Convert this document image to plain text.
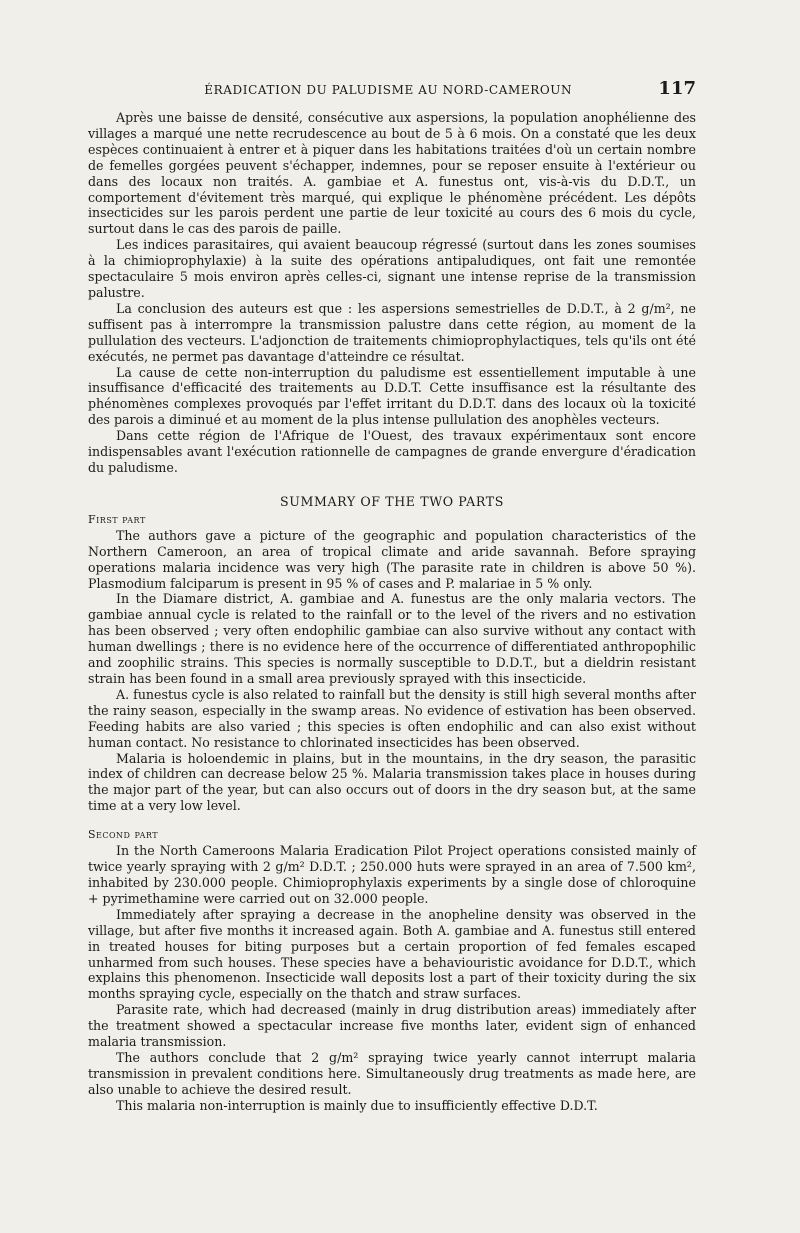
ÉRADICATION DU PALUDISME AU NORD-CAMEROUN	117

Après une baisse de densité, consécutive aux aspersions, la population anophélienne des villages a marqué une nette recrudescence au bout de 5 à 6 mois. On a constaté que les deux espèces continuaient à entrer et à piquer dans les habitations traitées d'où un certain nombre de femelles gorgées peuvent s'échapper, indemnes, pour se reposer ensuite à l'extérieur ou dans des locaux non traités. A. gambiae et A. funestus ont, vis-à-vis du D.D.T., un comportement d'évitement très marqué, qui explique le phénomène précédent. Les dépôts insecticides sur les parois perdent une partie de leur toxicité au cours des 6 mois du cycle, surtout dans le cas des parois de paille.

Les indices parasitaires, qui avaient beaucoup régressé (surtout dans les zones soumises à la chimioprophylaxie) à la suite des opérations antipaludiques, ont fait une remontée spectaculaire 5 mois environ après celles-ci, signant une intense reprise de la transmission palustre.

La conclusion des auteurs est que : les aspersions semestrielles de D.D.T., à 2 g/m², ne suffisent pas à interrompre la transmission palustre dans cette région, au moment de la pullulation des vecteurs. L'adjonction de traitements chimioprophylactiques, tels qu'ils ont été exécutés, ne permet pas davantage d'atteindre ce résultat.

La cause de cette non-interruption du paludisme est essentiellement imputable à une insuffisance d'efficacité des traitements au D.D.T. Cette insuffisance est la résultante des phénomènes complexes provoqués par l'effet irritant du D.D.T. dans des locaux où la toxicité des parois a diminué et au moment de la plus intense pullulation des anophèles vecteurs.

Dans cette région de l'Afrique de l'Ouest, des travaux expérimentaux sont encore indispensables avant l'exécution rationnelle de campagnes de grande envergure d'éradication du paludisme.

SUMMARY OF THE TWO PARTS
First part

The authors gave a picture of the geographic and population characteristics of the Northern Cameroon, an area of tropical climate and aride savannah. Before spraying operations malaria incidence was very high (The parasite rate in children is above 50 %). Plasmodium falciparum is present in 95 % of cases and P. malariae in 5 % only.

In the Diamare district, A. gambiae and A. funestus are the only malaria vectors. The gambiae annual cycle is related to the rainfall or to the level of the rivers and no estivation has been observed ; very often endophilic gambiae can also survive without any contact with human dwellings ; there is no evidence here of the occurrence of differentiated anthropophilic and zoophilic strains. This species is normally susceptible to D.D.T., but a dieldrin resistant strain has been found in a small area previously sprayed with this insecticide.

A. funestus cycle is also related to rainfall but the density is still high several months after the rainy season, especially in the swamp areas. No evidence of estivation has been observed. Feeding habits are also varied ; this species is often endophilic and can also exist without human contact. No resistance to chlorinated insecticides has been observed.

Malaria is holoendemic in plains, but in the mountains, in the dry season, the parasitic index of children can decrease below 25 %. Malaria transmission takes place in houses during the major part of the year, but can also occurs out of doors in the dry season but, at the same time at a very low level.

Second part

In the North Cameroons Malaria Eradication Pilot Project operations consisted mainly of twice yearly spraying with 2 g/m² D.D.T. ; 250.000 huts were sprayed in an area of 7.500 km², inhabited by 230.000 people. Chimioprophylaxis experiments by a single dose of chloroquine + pyrimethamine were carried out on 32.000 people.

Immediately after spraying a decrease in the anopheline density was observed in the village, but after five months it increased again. Both A. gambiae and A. funestus still entered in treated houses for biting purposes but a certain proportion of fed females escaped unharmed from such houses. These species have a behaviouristic avoidance for D.D.T., which explains this phenomenon. Insecticide wall deposits lost a part of their toxicity during the six months spraying cycle, especially on the thatch and straw surfaces.

Parasite rate, which had decreased (mainly in drug distribution areas) immediately after the treatment showed a spectacular increase five months later, evident sign of enhanced malaria transmission.

The authors conclude that 2 g/m² spraying twice yearly cannot interrupt malaria transmission in prevalent conditions here. Simultaneously drug treatments as made here, are also unable to achieve the desired result.

This malaria non-interruption is mainly due to insufficiently effective D.D.T.
